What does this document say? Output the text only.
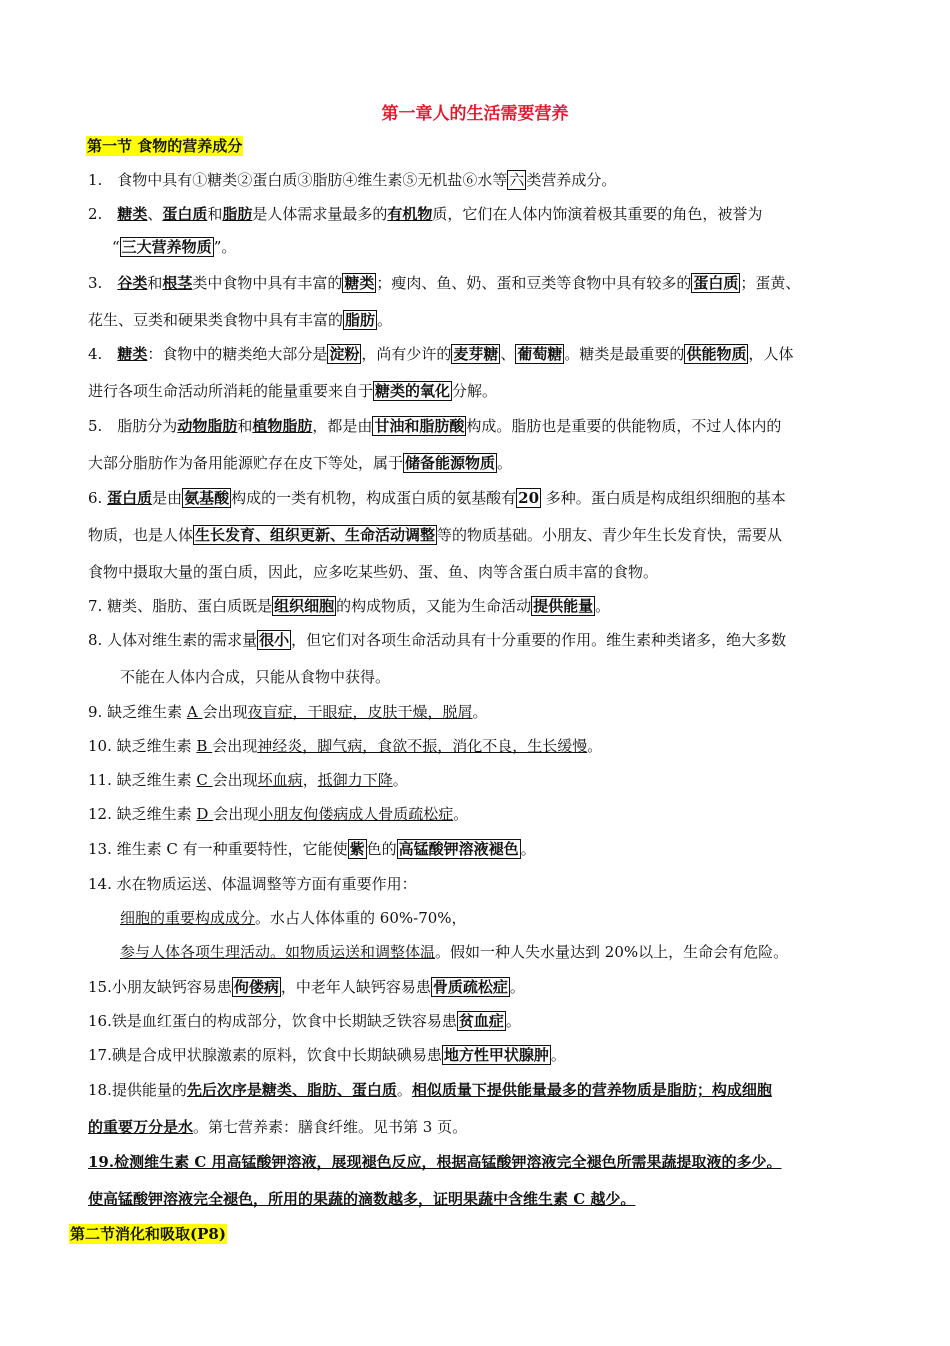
第一章人的生活需要营养
第一节 食物的营养成分
1.　食物中具有①糖类②蛋白质③脂肪④维生素⑤无机盐⑥水等 六 类营养成分。
2.　糖类、蛋白质和脂肪是人体需求量最多的有机物质，它们在人体内饰演着极其重要的角色，被誉为
“ 三大营养物质 ”。
3.　谷类和根茎类中食物中具有丰富的 糖类 ；瘦肉、鱼、奶、蛋和豆类等食物中具有较多的 蛋白质 ；蛋黄、
花生、豆类和硬果类食物中具有丰富的 脂肪 。
4.　糖类：食物中的糖类绝大部分是 淀粉 ，尚有少许的 麦芽糖 、 葡萄糖 。糖类是最重要的 供能物质 ，人体
进行各项生命活动所消耗的能量重要来自于 糖类的氧化 分解。
5.　脂肪分为动物脂肪和植物脂肪，都是由 甘油和脂肪酸 构成。脂肪也是重要的供能物质，不过人体内的
大部分脂肪作为备用能源贮存在皮下等处，属于 储备能源物质 。
6. 蛋白质是由 氨基酸 构成的一类有机物，构成蛋白质的氨基酸有 20 多种。蛋白质是构成组织细胞的基本
物质，也是人体 生长发育、组织更新、生命活动调整 等的物质基础。小朋友、青少年生长发育快，需要从
食物中摄取大量的蛋白质，因此，应多吃某些奶、蛋、鱼、肉等含蛋白质丰富的食物。
7. 糖类、脂肪、蛋白质既是 组织细胞 的构成物质，又能为生命活动 提供能量 。
8. 人体对维生素的需求量 很小 ，但它们对各项生命活动具有十分重要的作用。维生素种类诸多，绝大多数
不能在人体内合成，只能从食物中获得。
9. 缺乏维生素 A 会出现夜盲症，干眼症，皮肤干燥，脱屑。
10. 缺乏维生素 B 会出现神经炎，脚气病，食欲不振，消化不良，生长缓慢。
11. 缺乏维生素 C 会出现坏血病，抵御力下降。
12. 缺乏维生素 D 会出现小朋友佝偻病成人骨质疏松症。
13. 维生素 C 有一种重要特性，它能使 紫 色的 高锰酸钾溶液褪色 。
14. 水在物质运送、体温调整等方面有重要作用：
细胞的重要构成成分。水占人体体重的 60%-70%，
参与人体各项生理活动。如物质运送和调整体温。假如一种人失水量达到 20%以上，生命会有危险。
15.小朋友缺钙容易患 佝偻病 ，中老年人缺钙容易患 骨质疏松症 。
16.铁是血红蛋白的构成部分，饮食中长期缺乏铁容易患 贫血症 。
17.碘是合成甲状腺激素的原料，饮食中长期缺碘易患 地方性甲状腺肿 。
18.提供能量的先后次序是糖类、脂肪、蛋白质。相似质量下提供能量最多的营养物质是脂肪；构成细胞
的重要万分是水。第七营养素：膳食纤维。见书第 3 页。
19.检测维生素 C 用高锰酸钾溶液，展现褪色反应，根据高锰酸钾溶液完全褪色所需果蔬提取液的多少。
使高锰酸钾溶液完全褪色，所用的果蔬的滴数越多，证明果蔬中含维生素 C 越少。
第二节消化和吸取(P8)
